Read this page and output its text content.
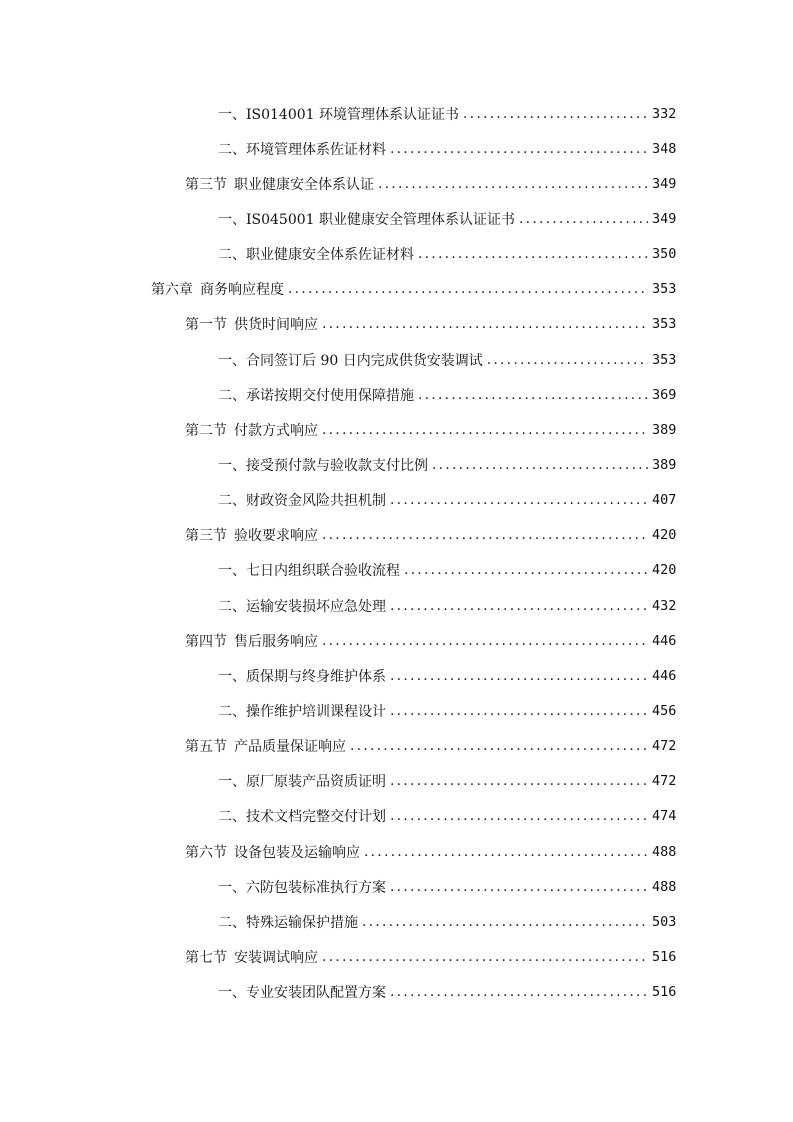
一、 IS014001 环境管理体系认证证书 .....	332
二、 环境管理体系佐证材料 .....	348
第三节 职业健康安全体系认证 .....	349
一、 IS045001 职业健康安全管理体系认证证书 .....	349
二、 职业健康安全体系佐证材料 .....	350
第六章 商务响应程度 .....	353
第一节 供货时间响应 .....	353
一、 合同签订后 90 日内完成供货安装调试 .....	353
二、 承诺按期交付使用保障措施 .....	369
第二节 付款方式响应 .....	389
一、 接受预付款与验收款支付比例 .....	389
二、 财政资金风险共担机制 .....	407
第三节 验收要求响应 .....	420
一、 七日内组织联合验收流程 .....	420
二、 运输安装损坏应急处理 .....	432
第四节 售后服务响应 .....	446
一、 质保期与终身维护体系 .....	446
二、 操作维护培训课程设计 .....	456
第五节 产品质量保证响应 .....	472
一、 原厂原装产品资质证明 .....	472
二、 技术文档完整交付计划 .....	474
第六节 设备包装及运输响应 .....	488
一、 六防包装标准执行方案 .....	488
二、 特殊运输保护措施 .....	503
第七节 安装调试响应 .....	516
一、 专业安装团队配置方案 .....	516
